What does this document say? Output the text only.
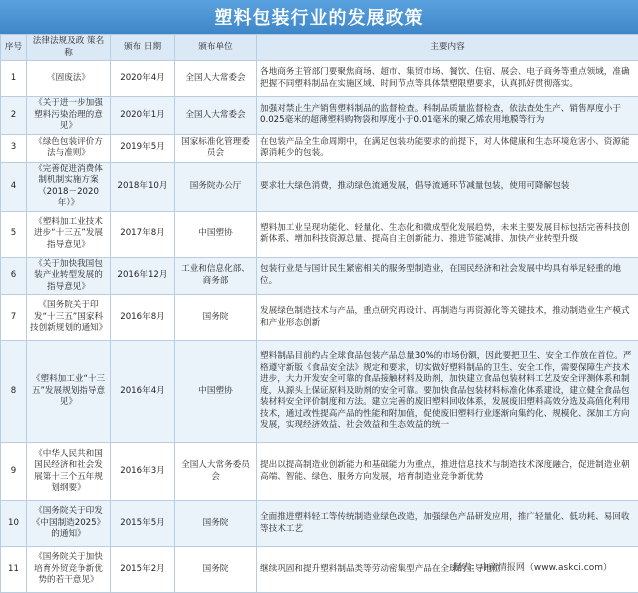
塑料包装行业的发展政策
序号	法律法规及政 策名称	颁布 日期	颁布单位	主要内容
1	《固废法》	2020年4月	全国人大常委会	各地商务主管部门要聚焦商场、超市、集贸市场、餐饮、住宿、展会、电子商务等重点领域，准确把握不同塑料制品在实施区域、时间节点等具体禁塑限塑要求，认真抓好贯彻落实。
2	《关于进一步加强塑料污染治理的意见》	2020年1月	全国人大常委会	加强对禁止生产销售塑料制品的监督检查。科制品质量监督检查，依法查处生产、销售厚度小于0.025毫米的超薄塑料购物袋和厚度小于0.01毫米的聚乙烯农用地膜等行为
3	《绿色包装评价方法与准则》	2019年5月	国家标准化管理委员会	在包装产品全生命周期中，在满足包装功能要求的前提下，对人体健康和生态环境危害小、资源能源消耗少的包装。
4	《完善促进消费体制机制实施方案（2018－2020年）》	2018年10月	国务院办公厅	要求壮大绿色消费，推动绿色流通发展，倡导流通环节减量包装，使用可降解包装
5	《塑料加工业技术进步“十三五”发展指导意见》	2017年8月	中国塑协	塑料加工业呈现功能化、轻量化、生态化和微成型化发展趋势，未来主要发展目标包括完善科技创新体系、增加科技资源总量、提高自主创新能力、推进节能减排、加快产业转型升级
6	《关于加快我国包装产业转型发展的指导意见》	2016年12月	工业和信息化部、商务部	包装行业是与国计民生紧密相关的服务型制造业，在国民经济和社会发展中均具有举足轻重的地位。
7	《国务院关于印发“十三五”国家科技创新规划的通知》	2016年8月	国务院	发展绿色制造技术与产品，重点研究再设计、再制造与再资源化等关键技术，推动制造业生产模式和产业形态创新
8	《塑料加工业“十三五”发展规划指导意见》	2016年4月	中国塑协	塑料制品目前约占全球食品包装产品总量30%的市场份额，因此要把卫生、安全工作放在首位。严格遵守新版《食品安全法》规定和要求，切实做好塑料制品的卫生、安全工作，需要保障生产技术进步，大力开发安全可靠的食品接触材料及助剂，加快建立食品包装材料工艺及安全评测体系和制度，从源头上保证原料及助剂的安全可靠。要加快食品包装材料标准化体系建设，建立健全食品包装材料安全评价制度和方法。建立完善的废旧塑料回收体系，发展废旧塑料高效分选及高值化利用技术，通过改性提高产品的性能和附加值，促使废旧塑料行业逐渐向集约化、规模化、深加工方向发展，实现经济效益、社会效益和生态效益的统一
9	《中华人民共和国国民经济和社会发展第十三个五年规划纲要》	2016年3月	全国人大常务委员会	提出以提高制造业创新能力和基础能力为重点，推进信息技术与制造技术深度融合，促进制造业朝高端、智能、绿色、服务方向发展，培育制造业竞争新优势
10	《国务院关于印发《中国制造2025》的通知》	2015年5月	国务院	全面推进塑料轻工等传统制造业绿色改造，加强绿色产品研发应用，推广轻量化、低功耗、易回收等技术工艺
11	《国务院关于加快培育外贸竞争新优势的若干意见》	2015年2月	国务院	继续巩固和提升塑料制品类等劳动密集型产品在全球的主导地位
制表：中商情报网（www.askci.com）
